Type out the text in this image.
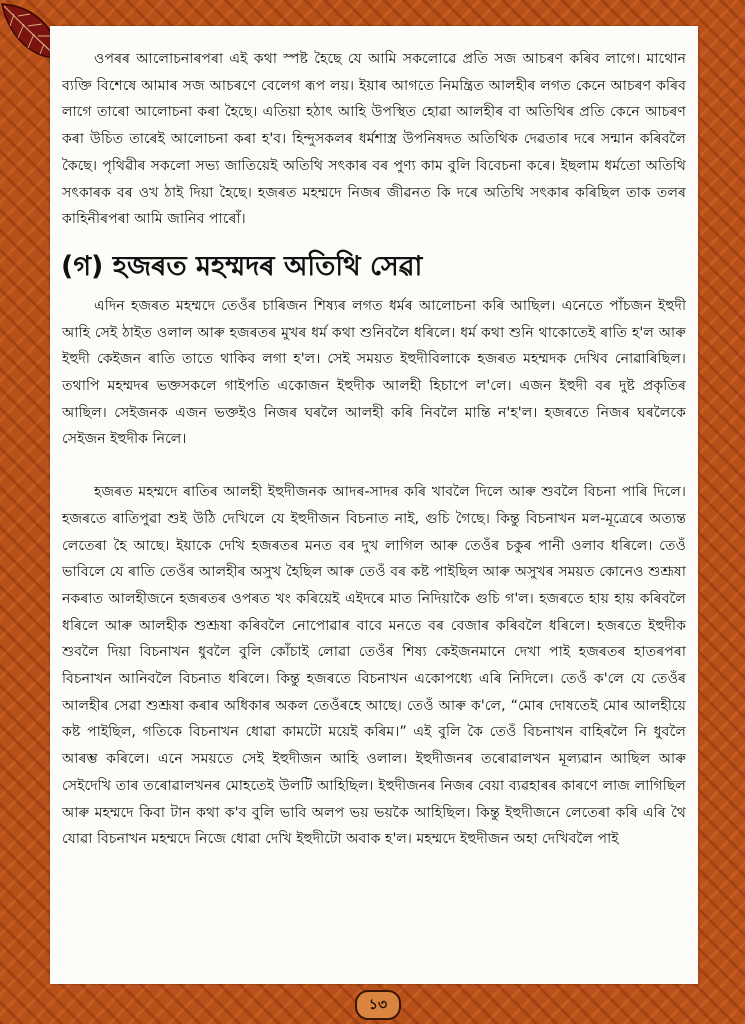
ওপৰৰ আলোচনাৰপৰা এই কথা স্পষ্ট হৈছে যে আমি সকলোৱে প্ৰতি সজ আচৰণ কৰিব লাগে। মাথোন ব্যক্তি বিশেষে আমাৰ সজ আচৰণে বেলেগ ৰূপ লয়। ইয়াৰ আগতে নিমন্ত্ৰিত আলহীৰ লগত কেনে আচৰণ কৰিব লাগে তাৰো আলোচনা কৰা হৈছে। এতিয়া হঠাৎ আহি উপস্থিত হোৱা আলহীৰ বা অতিথিৰ প্ৰতি কেনে আচৰণ কৰা উচিত তাৰেই আলোচনা কৰা হ'ব। হিন্দুসকলৰ ধৰ্মশাস্ত্ৰ উপনিষদত অতিথিক দেৱতাৰ দৰে সন্মান কৰিবলৈ কৈছে। পৃথিৱীৰ সকলো সভ্য জাতিয়েই অতিথি সৎকাৰ বৰ পুণ্য কাম বুলি বিবেচনা কৰে। ইছলাম ধৰ্মতো অতিথি সৎকাৰক বৰ ওখ ঠাই দিয়া হৈছে। হজৰত মহম্মদে নিজৰ জীৱনত কি দৰে অতিথি সৎকাৰ কৰিছিল তাক তলৰ কাহিনীৰপৰা আমি জানিব পাৰোঁ।

(গ) হজৰত মহম্মদৰ অতিথি সেৱা

এদিন হজৰত মহম্মদে তেওঁৰ চাৰিজন শিষ্যৰ লগত ধৰ্মৰ আলোচনা কৰি আছিল। এনেতে পাঁচজন ইহুদী আহি সেই ঠাইত ওলাল আৰু হজৰতৰ মুখৰ ধৰ্ম কথা শুনিবলৈ ধৰিলে। ধৰ্ম কথা শুনি থাকোতেই ৰাতি হ'ল আৰু ইহুদী কেইজন ৰাতি তাতে থাকিব লগা হ'ল। সেই সময়ত ইহুদীবিলাকে হজৰত মহম্মদক দেখিব নোৱাৰিছিল। তথাপি মহম্মদৰ ভক্তসকলে গাইপতি একোজন ইহুদীক আলহী হিচাপে ল'লে। এজন ইহুদী বৰ দুষ্ট প্ৰকৃতিৰ আছিল। সেইজনক এজন ভক্তইও নিজৰ ঘৰলৈ আলহী কৰি নিবলৈ মান্তি ন'হ'ল। হজৰতে নিজৰ ঘৰলৈকে সেইজন ইহুদীক নিলে।

হজৰত মহম্মদে ৰাতিৰ আলহী ইহুদীজনক আদৰ-সাদৰ কৰি খাবলৈ দিলে আৰু শুবলৈ বিচনা পাৰি দিলে। হজৰতে ৰাতিপুৱা শুই উঠি দেখিলে যে ইহুদীজন বিচনাত নাই, গুচি গৈছে। কিন্তু বিচনাখন মল-মূত্ৰেৰে অত্যন্ত লেতেৰা হৈ আছে। ইয়াকে দেখি হজৰতৰ মনত বৰ দুখ লাগিল আৰু তেওঁৰ চকুৰ পানী ওলাব ধৰিলে। তেওঁ ভাবিলে যে ৰাতি তেওঁৰ আলহীৰ অসুখ হৈছিল আৰু তেওঁ বৰ কষ্ট পাইছিল আৰু অসুখৰ সময়ত কোনেও শুশ্ৰূষা নকৰাত আলহীজনে হজৰতৰ ওপৰত খং কৰিয়েই এইদৰে মাত নিদিয়াকৈ গুচি গ'ল। হজৰতে হায় হায় কৰিবলৈ ধৰিলে আৰু আলহীক শুশ্ৰূষা কৰিবলৈ নোপোৱাৰ বাবে মনতে বৰ বেজাৰ কৰিবলৈ ধৰিলে। হজৰতে ইহুদীক শুবলৈ দিয়া বিচনাখন ধুবলৈ বুলি কোঁচাই লোৱা তেওঁৰ শিষ্য কেইজনমানে দেখা পাই হজৰতৰ হাতৰপৰা বিচনাখন আনিবলৈ বিচনাত ধৰিলে। কিন্তু হজৰতে বিচনাখন একোপধ্যে এৰি নিদিলে। তেওঁ ক'লে যে তেওঁৰ আলহীৰ সেৱা শুশ্ৰূষা কৰাৰ অধিকাৰ অকল তেওঁৰহে আছে। তেওঁ আৰু ক'লে, “মোৰ দোষতেই মোৰ আলহীয়ে কষ্ট পাইছিল, গতিকে বিচনাখন ধোৱা কামটো ময়েই কৰিম।” এই বুলি কৈ তেওঁ বিচনাখন বাহিৰলৈ নি ধুবলৈ আৰম্ভ কৰিলে। এনে সময়তে সেই ইহুদীজন আহি ওলাল। ইহুদীজনৰ তৰোৱালখন মূল্যৱান আছিল আৰু সেইদেখি তাৰ তৰোৱালখনৰ মোহতেই উলটি আহিছিল। ইহুদীজনৰ নিজৰ বেয়া ব্যৱহাৰৰ কাৰণে লাজ লাগিছিল আৰু মহম্মদে কিবা টান কথা ক'ব বুলি ভাবি অলপ ভয় ভয়কৈ আহিছিল। কিন্তু ইহুদীজনে লেতেৰা কৰি এৰি থৈ যোৱা বিচনাখন মহম্মদে নিজে ধোৱা দেখি ইহুদীটো অবাক হ'ল। মহম্মদে ইহুদীজন অহা দেখিবলৈ পাই

১৩
